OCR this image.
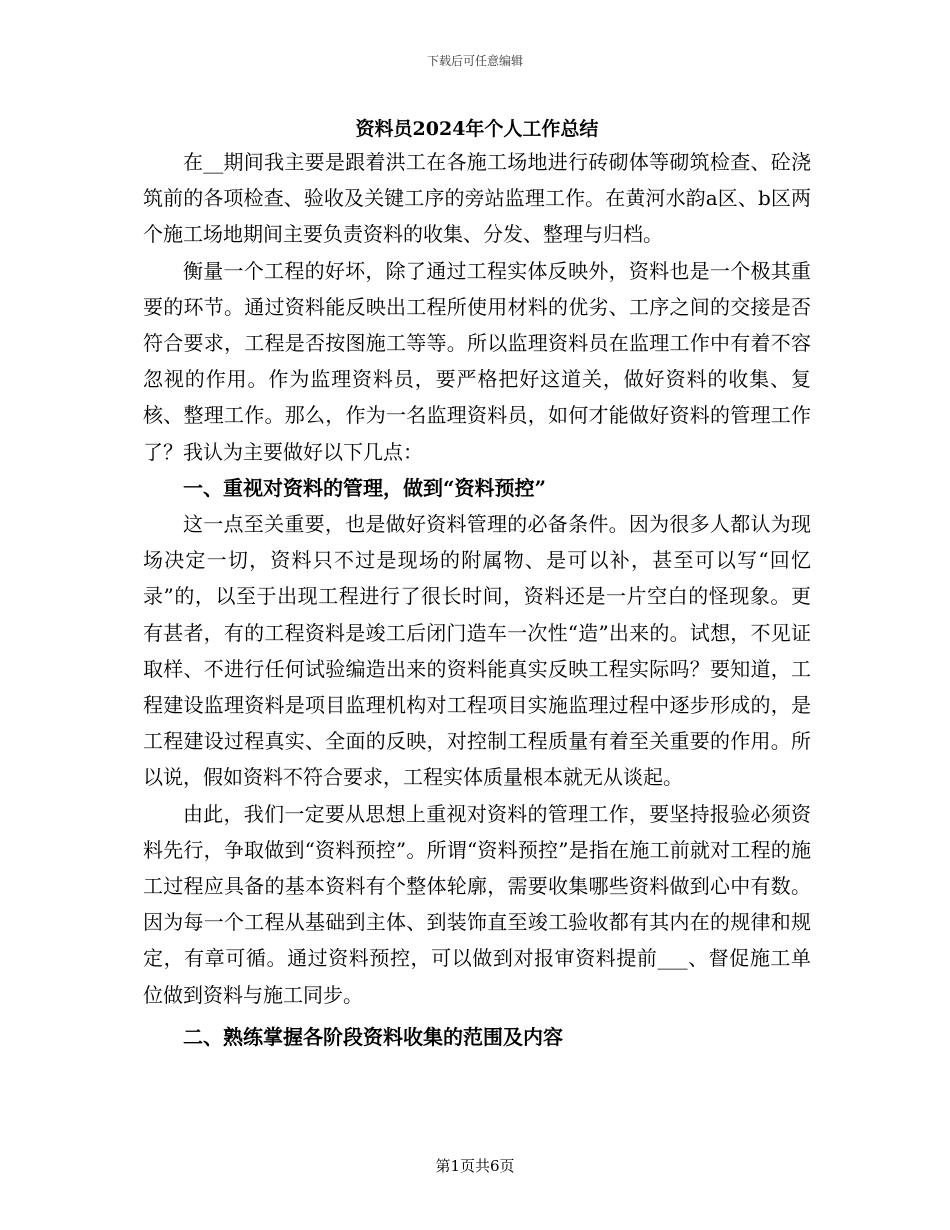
下载后可任意编辑
资料员2024年个人工作总结

在__期间我主要是跟着洪工在各施工场地进行砖砌体等砌筑检查、砼浇筑前的各项检查、验收及关键工序的旁站监理工作。在黄河水韵a区、b区两个施工场地期间主要负责资料的收集、分发、整理与归档。

衡量一个工程的好坏，除了通过工程实体反映外，资料也是一个极其重要的环节。通过资料能反映出工程所使用材料的优劣、工序之间的交接是否符合要求，工程是否按图施工等等。所以监理资料员在监理工作中有着不容忽视的作用。作为监理资料员，要严格把好这道关，做好资料的收集、复核、整理工作。那么，作为一名监理资料员，如何才能做好资料的管理工作了？我认为主要做好以下几点：

一、重视对资料的管理，做到“资料预控”

这一点至关重要，也是做好资料管理的必备条件。因为很多人都认为现场决定一切，资料只不过是现场的附属物、是可以补，甚至可以写“回忆录”的，以至于出现工程进行了很长时间，资料还是一片空白的怪现象。更有甚者，有的工程资料是竣工后闭门造车一次性“造”出来的。试想，不见证取样、不进行任何试验编造出来的资料能真实反映工程实际吗？要知道，工程建设监理资料是项目监理机构对工程项目实施监理过程中逐步形成的，是工程建设过程真实、全面的反映，对控制工程质量有着至关重要的作用。所以说，假如资料不符合要求，工程实体质量根本就无从谈起。

由此，我们一定要从思想上重视对资料的管理工作，要坚持报验必须资料先行，争取做到“资料预控”。所谓“资料预控”是指在施工前就对工程的施工过程应具备的基本资料有个整体轮廓，需要收集哪些资料做到心中有数。因为每一个工程从基础到主体、到装饰直至竣工验收都有其内在的规律和规定，有章可循。通过资料预控，可以做到对报审资料提前___、督促施工单位做到资料与施工同步。

二、熟练掌握各阶段资料收集的范围及内容
第1页共6页
